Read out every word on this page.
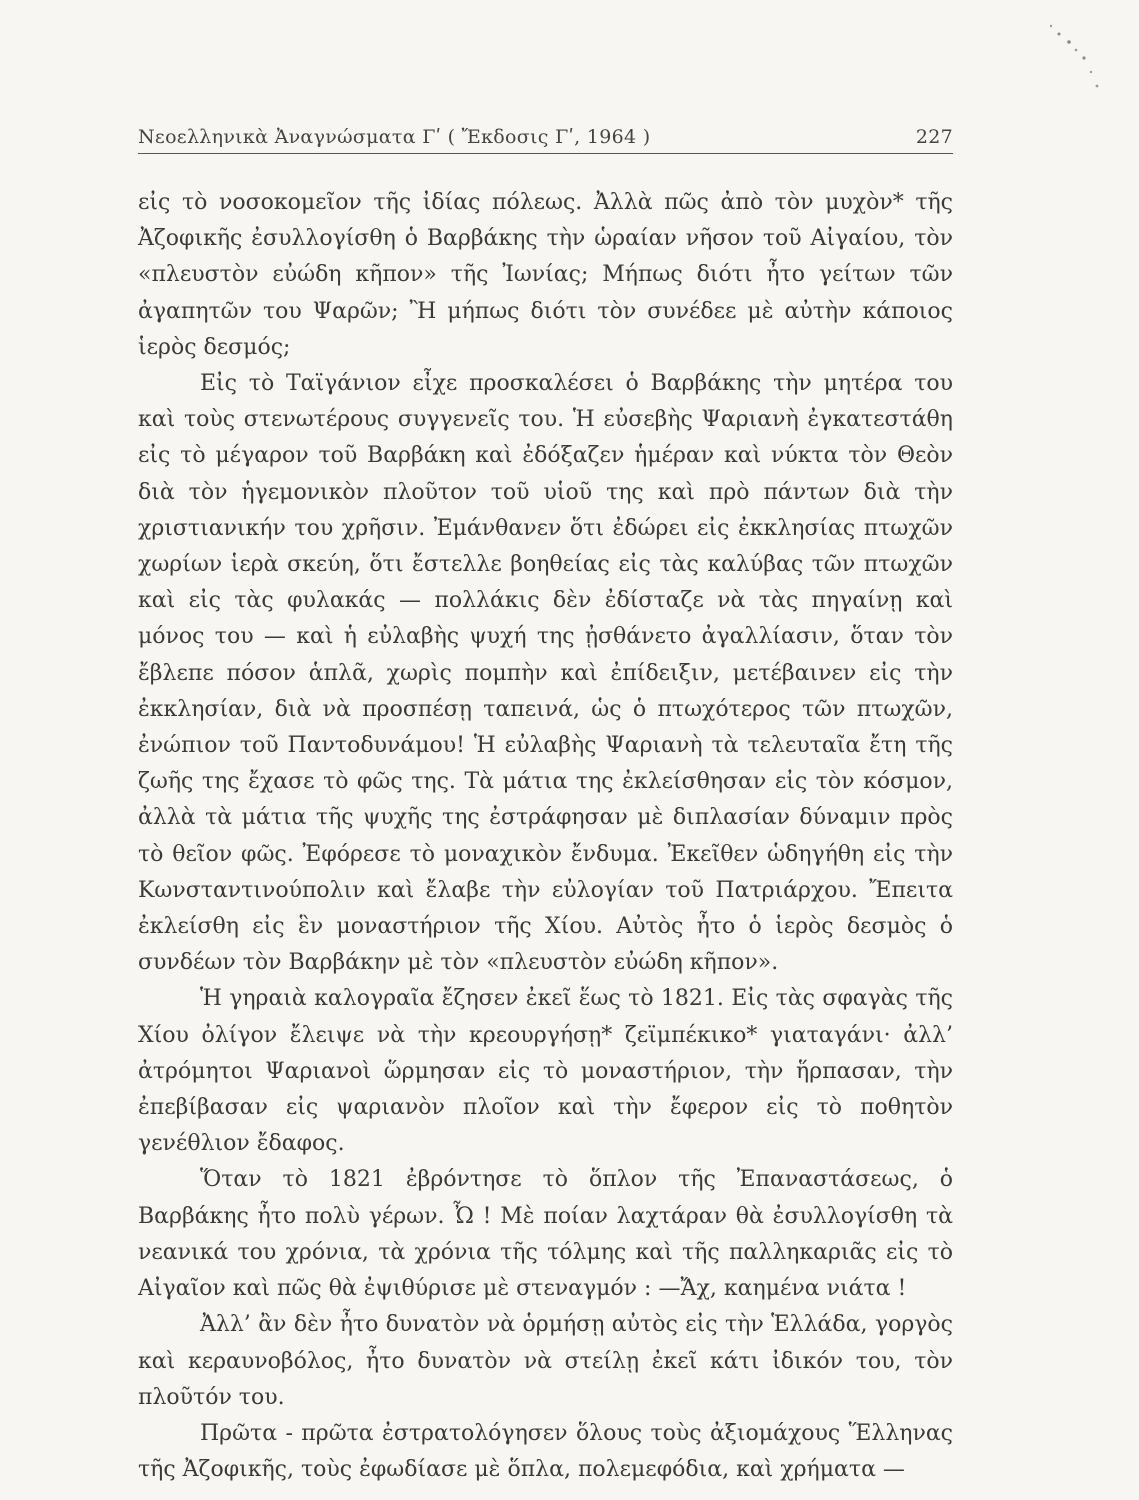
Νεοελληνικὰ Ἀναγνώσματα Γʹ ( Ἔκδοσις Γʹ, 1964 )	227

εἰς τὸ νοσοκομεῖον τῆς ἰδίας πόλεως. Ἀλλὰ πῶς ἀπὸ τὸν μυχὸν* τῆς Ἀζοφικῆς ἐσυλλογίσθη ὁ Βαρβάκης τὴν ὡραίαν νῆσον τοῦ Αἰγαίου, τὸν «πλευστὸν εὐώδη κῆπον» τῆς Ἰωνίας; Μήπως διότι ἦτο γείτων τῶν ἀγαπητῶν του Ψαρῶν; Ἢ μήπως διότι τὸν συνέδεε μὲ αὐτὴν κάποιος ἱερὸς δεσμός;

Εἰς τὸ Ταϊγάνιον εἶχε προσκαλέσει ὁ Βαρβάκης τὴν μητέρα του καὶ τοὺς στενωτέρους συγγενεῖς του. Ἡ εὐσεβὴς Ψαριανὴ ἐγκατεστάθη εἰς τὸ μέγαρον τοῦ Βαρβάκη καὶ ἐδόξαζεν ἡμέραν καὶ νύκτα τὸν Θεὸν διὰ τὸν ἡγεμονικὸν πλοῦτον τοῦ υἱοῦ της καὶ πρὸ πάντων διὰ τὴν χριστιανικήν του χρῆσιν. Ἐμάνθανεν ὅτι ἐδώρει εἰς ἐκκλησίας πτωχῶν χωρίων ἱερὰ σκεύη, ὅτι ἔστελλε βοηθείας εἰς τὰς καλύβας τῶν πτωχῶν καὶ εἰς τὰς φυλακάς — πολλάκις δὲν ἐδίσταζε νὰ τὰς πηγαίνῃ καὶ μόνος του — καὶ ἡ εὐλαβὴς ψυχή της ᾐσθάνετο ἀγαλλίασιν, ὅταν τὸν ἔβλεπε πόσον ἁπλᾶ, χωρὶς πομπὴν καὶ ἐπίδειξιν, μετέβαινεν εἰς τὴν ἐκκλησίαν, διὰ νὰ προσπέσῃ ταπεινά, ὡς ὁ πτωχότερος τῶν πτωχῶν, ἐνώπιον τοῦ Παντοδυνάμου! Ἡ εὐλαβὴς Ψαριανὴ τὰ τελευταῖα ἔτη τῆς ζωῆς της ἔχασε τὸ φῶς της. Τὰ μάτια της ἐκλείσθησαν εἰς τὸν κόσμον, ἀλλὰ τὰ μάτια τῆς ψυχῆς της ἐστράφησαν μὲ διπλασίαν δύναμιν πρὸς τὸ θεῖον φῶς. Ἐφόρεσε τὸ μοναχικὸν ἔνδυμα. Ἐκεῖθεν ὡδηγήθη εἰς τὴν Κωνσταντινούπολιν καὶ ἔλαβε τὴν εὐλογίαν τοῦ Πατριάρχου. Ἔπειτα ἐκλείσθη εἰς ἓν μοναστήριον τῆς Χίου. Αὐτὸς ἦτο ὁ ἱερὸς δεσμὸς ὁ συνδέων τὸν Βαρβάκην μὲ τὸν «πλευστὸν εὐώδη κῆπον».

Ἡ γηραιὰ καλογραῖα ἔζησεν ἐκεῖ ἕως τὸ 1821. Εἰς τὰς σφαγὰς τῆς Χίου ὀλίγον ἔλειψε νὰ τὴν κρεουργήσῃ* ζεϊμπέκικο* γιαταγάνι· ἀλλ’ ἀτρόμητοι Ψαριανοὶ ὥρμησαν εἰς τὸ μοναστήριον, τὴν ἥρπασαν, τὴν ἐπεβίβασαν εἰς ψαριανὸν πλοῖον καὶ τὴν ἔφερον εἰς τὸ ποθητὸν γενέθλιον ἔδαφος.

Ὅταν τὸ 1821 ἐβρόντησε τὸ ὅπλον τῆς Ἐπαναστάσεως, ὁ Βαρβάκης ἦτο πολὺ γέρων. Ὦ ! Μὲ ποίαν λαχτάραν θὰ ἐσυλλογίσθη τὰ νεανικά του χρόνια, τὰ χρόνια τῆς τόλμης καὶ τῆς παλληκαριᾶς εἰς τὸ Αἰγαῖον καὶ πῶς θὰ ἐψιθύρισε μὲ στεναγμόν : —Ἄχ, καημένα νιάτα !

Ἀλλ’ ἂν δὲν ἦτο δυνατὸν νὰ ὁρμήσῃ αὐτὸς εἰς τὴν Ἑλλάδα, γοργὸς καὶ κεραυνοβόλος, ἦτο δυνατὸν νὰ στείλῃ ἐκεῖ κάτι ἰδικόν του, τὸν πλοῦτόν του.

Πρῶτα - πρῶτα ἐστρατολόγησεν ὅλους τοὺς ἀξιομάχους Ἕλληνας τῆς Ἀζοφικῆς, τοὺς ἐφωδίασε μὲ ὅπλα, πολεμεφόδια, καὶ χρήματα —
